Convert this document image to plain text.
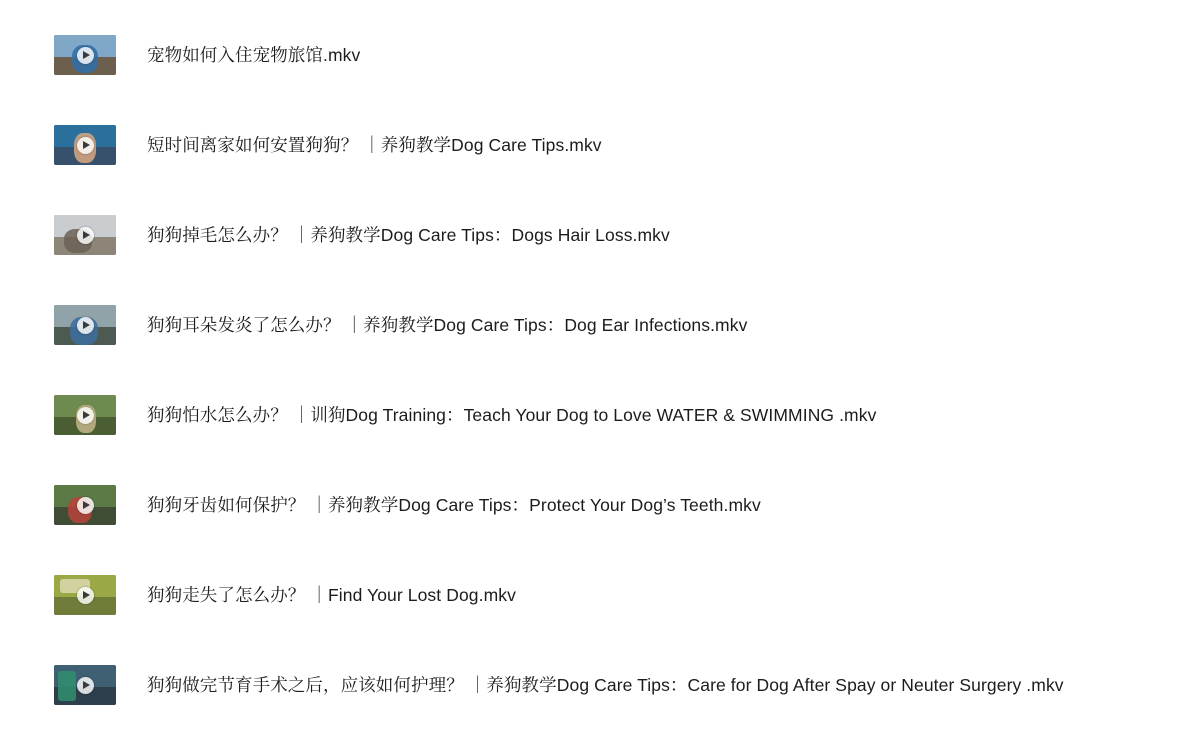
宠物如何入住宠物旅馆.mkv
短时间离家如何安置狗狗？ ｜养狗教学Dog Care Tips.mkv
狗狗掉毛怎么办？ ｜养狗教学Dog Care Tips：Dogs Hair Loss.mkv
狗狗耳朵发炎了怎么办？ ｜养狗教学Dog Care Tips：Dog Ear Infections.mkv
狗狗怕水怎么办？ ｜训狗Dog Training：Teach Your Dog to Love WATER & SWIMMING .mkv
狗狗牙齿如何保护？ ｜养狗教学Dog Care Tips：Protect Your Dog’s Teeth.mkv
狗狗走失了怎么办？ ｜Find Your Lost Dog.mkv
狗狗做完节育手术之后，应该如何护理？ ｜养狗教学Dog Care Tips：Care for Dog After Spay or Neuter Surgery .mkv
